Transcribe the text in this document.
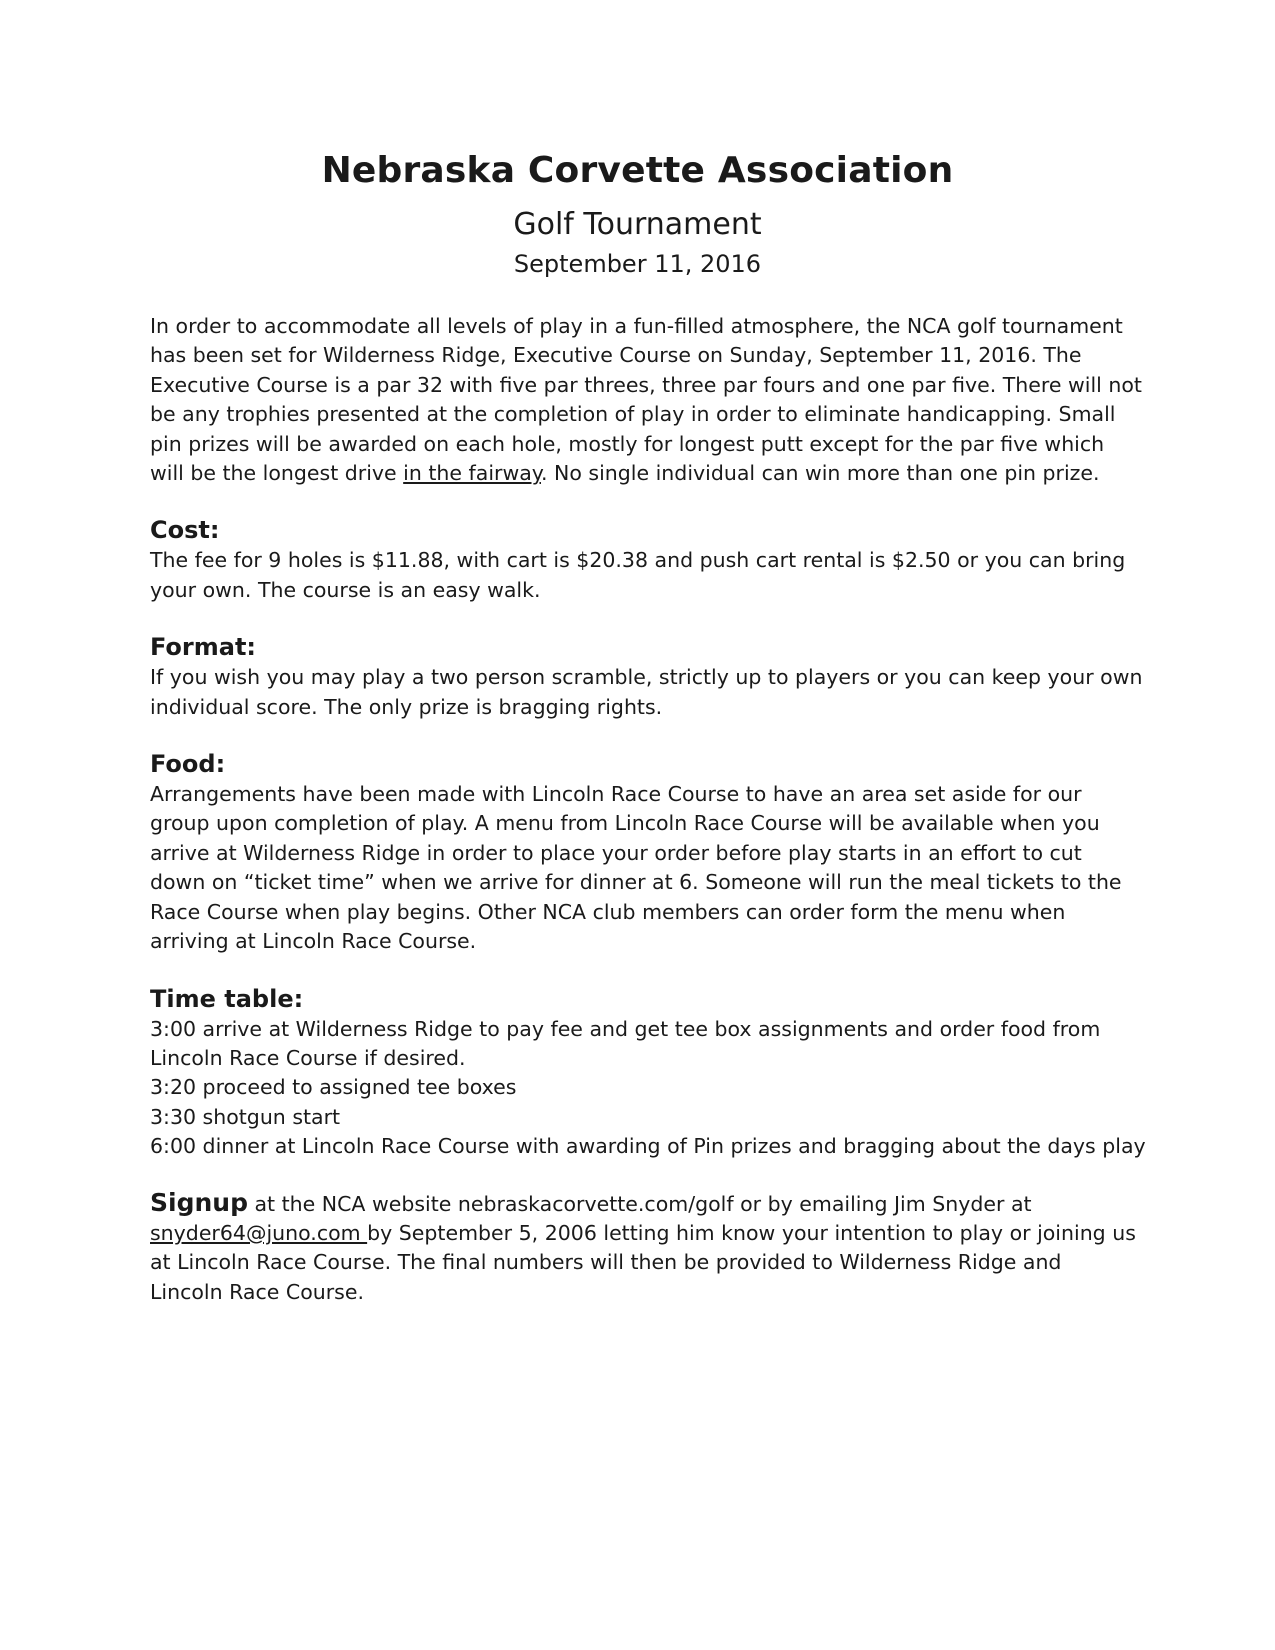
Nebraska Corvette Association
Golf Tournament
September 11, 2016
In order to accommodate all levels of play in a fun-filled atmosphere, the NCA golf tournament
has been set for Wilderness Ridge, Executive Course on Sunday, September 11, 2016. The
Executive Course is a par 32 with five par threes, three par fours and one par five. There will not
be any trophies presented at the completion of play in order to eliminate handicapping. Small
pin prizes will be awarded on each hole, mostly for longest putt except for the par five which
will be the longest drive in the fairway. No single individual can win more than one pin prize.
Cost:
The fee for 9 holes is $11.88, with cart is $20.38 and push cart rental is $2.50 or you can bring
your own. The course is an easy walk.
Format:
If you wish you may play a two person scramble, strictly up to players or you can keep your own
individual score. The only prize is bragging rights.
Food:
Arrangements have been made with Lincoln Race Course to have an area set aside for our
group upon completion of play. A menu from Lincoln Race Course will be available when you
arrive at Wilderness Ridge in order to place your order before play starts in an effort to cut
down on “ticket time” when we arrive for dinner at 6. Someone will run the meal tickets to the
Race Course when play begins. Other NCA club members can order form the menu when
arriving at Lincoln Race Course.
Time table:
3:00 arrive at Wilderness Ridge to pay fee and get tee box assignments and order food from
Lincoln Race Course if desired.
3:20 proceed to assigned tee boxes
3:30 shotgun start
6:00 dinner at Lincoln Race Course with awarding of Pin prizes and bragging about the days play
Signup at the NCA website nebraskacorvette.com/golf or by emailing Jim Snyder at
snyder64@juno.com by September 5, 2006 letting him know your intention to play or joining us
at Lincoln Race Course. The final numbers will then be provided to Wilderness Ridge and
Lincoln Race Course.
